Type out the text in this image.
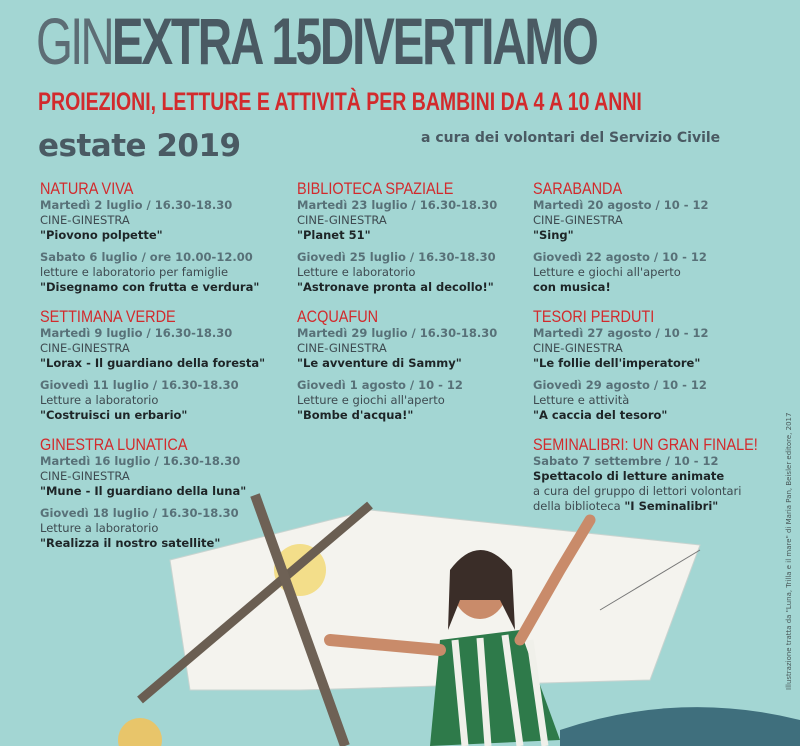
GINEXTRA 15DIVERTIAMO
PROIEZIONI, LETTURE E ATTIVITÀ PER BAMBINI DA 4 A 10 ANNI
estate 2019	a cura dei volontari del Servizio Civile
NATURA VIVA
Martedì 2 luglio / 16.30-18.30
CINE-GINESTRA
"Piovono polpette"
Sabato 6 luglio / ore 10.00-12.00
letture e laboratorio per famiglie
"Disegnamo con frutta e verdura"
SETTIMANA VERDE
Martedì 9 luglio / 16.30-18.30
CINE-GINESTRA
"Lorax - Il guardiano della foresta"
Giovedì 11 luglio / 16.30-18.30
Letture a laboratorio
"Costruisci un erbario"
GINESTRA LUNATICA
Martedì 16 luglio / 16.30-18.30
CINE-GINESTRA
"Mune - Il guardiano della luna"
Giovedì 18 luglio / 16.30-18.30
Letture a laboratorio
"Realizza il nostro satellite"
BIBLIOTECA SPAZIALE
Martedì 23 luglio / 16.30-18.30
CINE-GINESTRA
"Planet 51"
Giovedì 25 luglio / 16.30-18.30
Letture e laboratorio
"Astronave pronta al decollo!"
ACQUAFUN
Martedì 29 luglio / 16.30-18.30
CINE-GINESTRA
"Le avventure di Sammy"
Giovedì 1 agosto / 10 - 12
Letture e giochi all'aperto
"Bombe d'acqua!"
SARABANDA
Martedì 20 agosto / 10 - 12
CINE-GINESTRA
"Sing"
Giovedì 22 agosto / 10 - 12
Letture e giochi all'aperto
con musica!
TESORI PERDUTI
Martedì 27 agosto / 10 - 12
CINE-GINESTRA
"Le follie dell'imperatore"
Giovedì 29 agosto / 10 - 12
Letture e attività
"A caccia del tesoro"
SEMINALIBRI: UN GRAN FINALE!
Sabato 7 settembre / 10 - 12
Spettacolo di letture animate
a cura del gruppo di lettori volontari
della biblioteca "I Seminalibri"	Illustrazione tratta da "Luna, Trilla e il mare" di Maria Pan, Beisler editore, 2017
